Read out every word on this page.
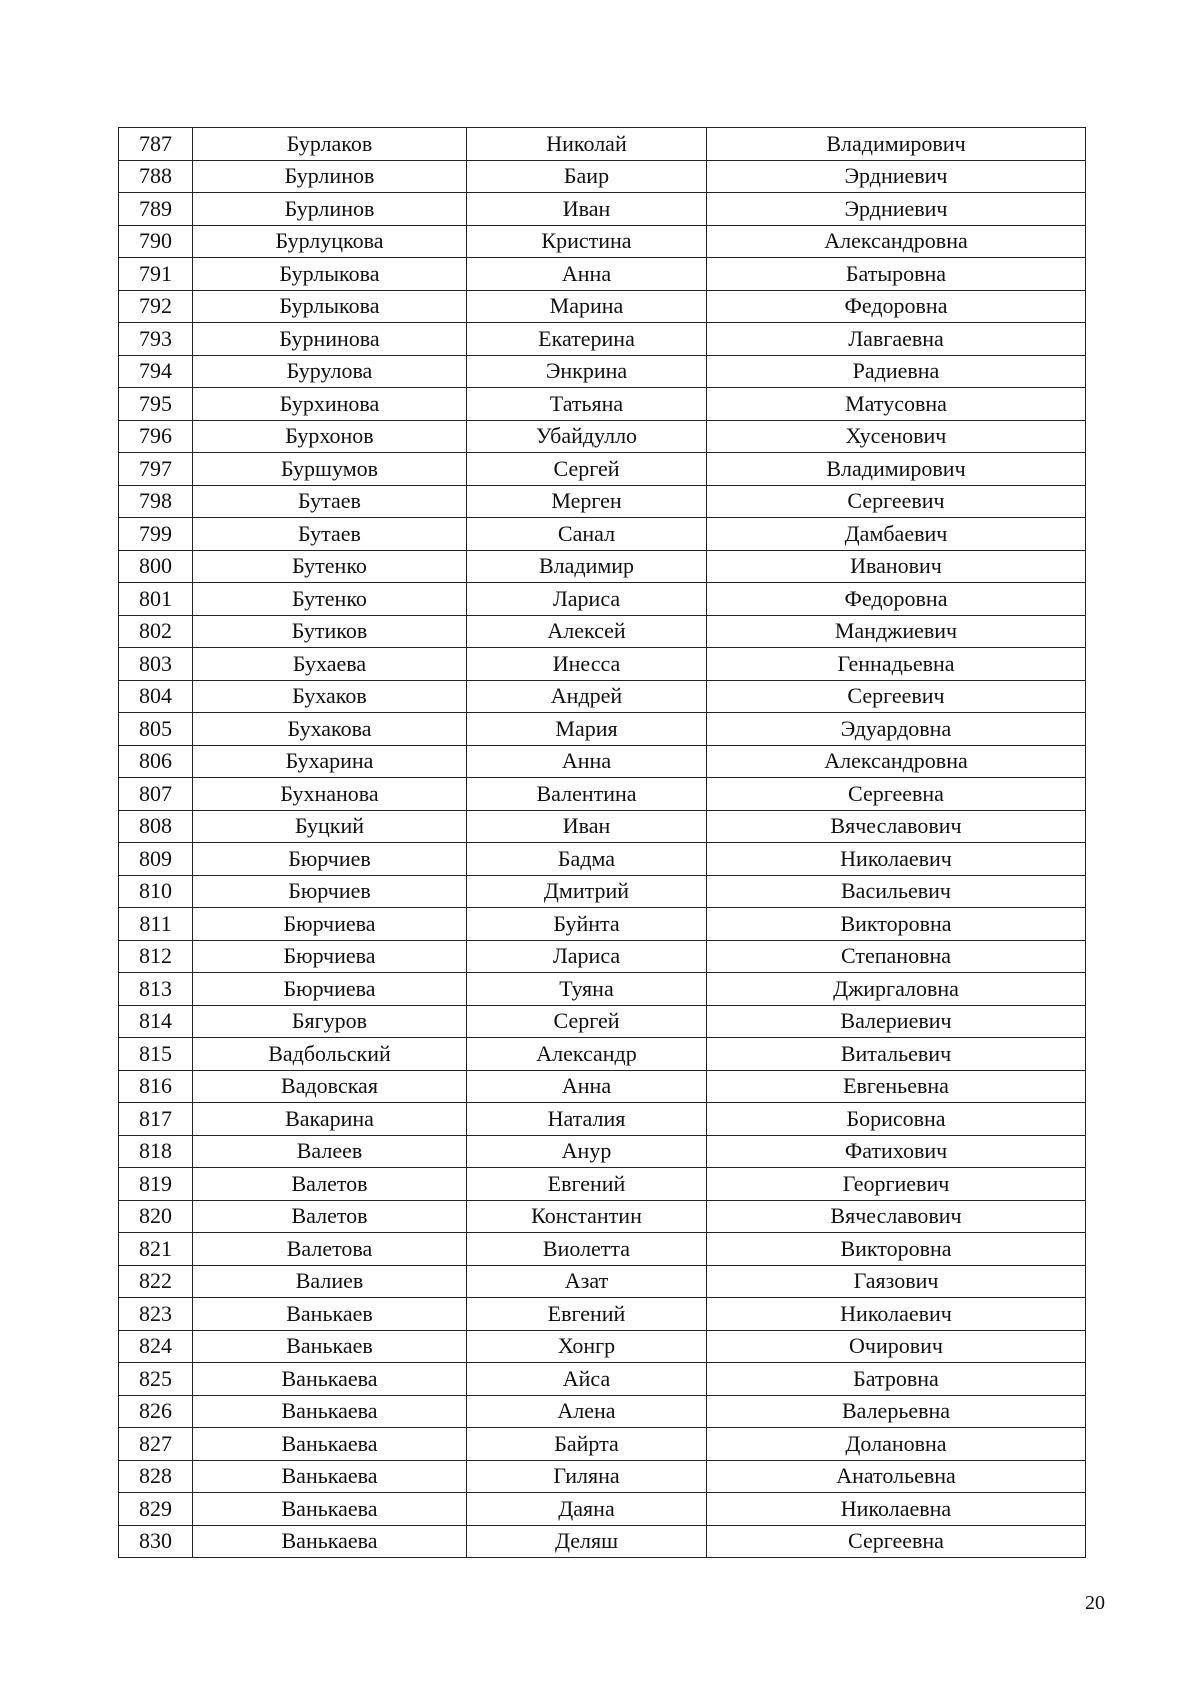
787	Бурлаков	Николай	Владимирович
788	Бурлинов	Баир	Эрдниевич
789	Бурлинов	Иван	Эрдниевич
790	Бурлуцкова	Кристина	Александровна
791	Бурлыкова	Анна	Батыровна
792	Бурлыкова	Марина	Федоровна
793	Бурнинова	Екатерина	Лавгаевна
794	Бурулова	Энкрина	Радиевна
795	Бурхинова	Татьяна	Матусовна
796	Бурхонов	Убайдулло	Хусенович
797	Буршумов	Сергей	Владимирович
798	Бутаев	Мерген	Сергеевич
799	Бутаев	Санал	Дамбаевич
800	Бутенко	Владимир	Иванович
801	Бутенко	Лариса	Федоровна
802	Бутиков	Алексей	Манджиевич
803	Бухаева	Инесса	Геннадьевна
804	Бухаков	Андрей	Сергеевич
805	Бухакова	Мария	Эдуардовна
806	Бухарина	Анна	Александровна
807	Бухнанова	Валентина	Сергеевна
808	Буцкий	Иван	Вячеславович
809	Бюрчиев	Бадма	Николаевич
810	Бюрчиев	Дмитрий	Васильевич
811	Бюрчиева	Буйнта	Викторовна
812	Бюрчиева	Лариса	Степановна
813	Бюрчиева	Туяна	Джиргаловна
814	Бягуров	Сергей	Валериевич
815	Вадбольский	Александр	Витальевич
816	Вадовская	Анна	Евгеньевна
817	Вакарина	Наталия	Борисовна
818	Валеев	Анур	Фатихович
819	Валетов	Евгений	Георгиевич
820	Валетов	Константин	Вячеславович
821	Валетова	Виолетта	Викторовна
822	Валиев	Азат	Гаязович
823	Ванькаев	Евгений	Николаевич
824	Ванькаев	Хонгр	Очирович
825	Ванькаева	Айса	Батровна
826	Ванькаева	Алена	Валерьевна
827	Ванькаева	Байрта	Долановна
828	Ванькаева	Гиляна	Анатольевна
829	Ванькаева	Даяна	Николаевна
830	Ванькаева	Деляш	Сергеевна
20
